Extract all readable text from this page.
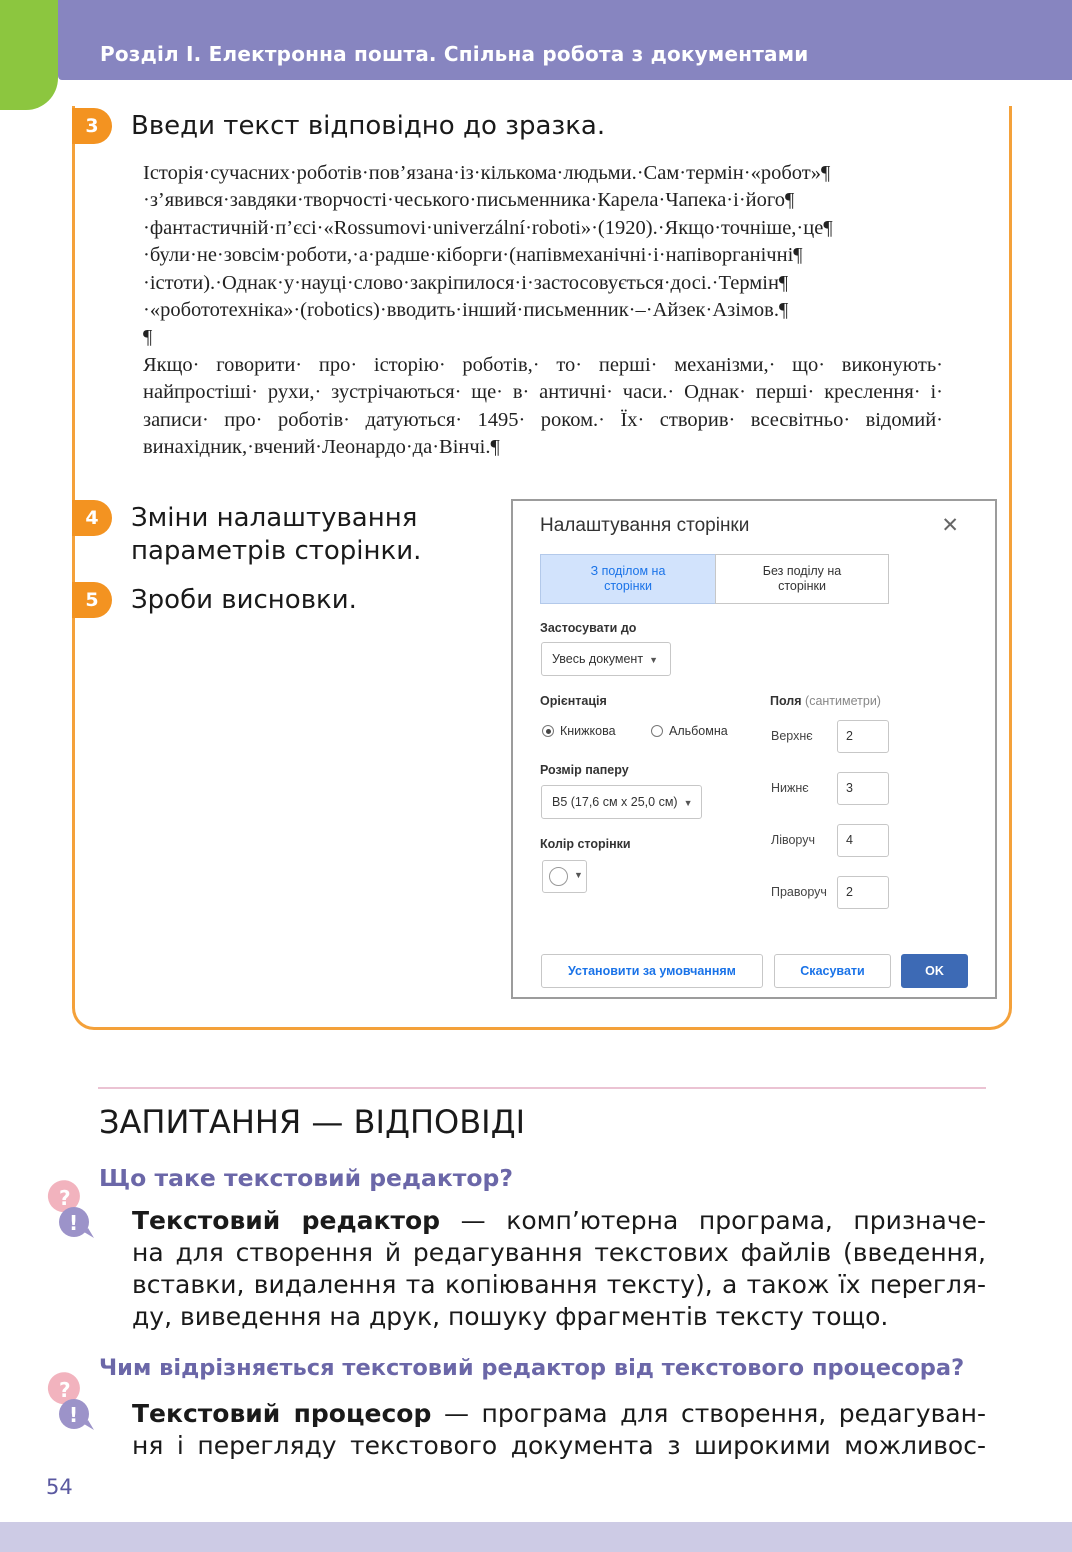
Розділ І. Електронна пошта. Спільна робота з документами
3	Введи текст відповідно до зразка.
Історія·сучасних·роботів·пов’язана·із·кількома·людьми.·Сам·термін·«робот»¶
·з’явився·завдяки·творчості·чеського·письменника·Карела·Чапека·і·його¶
·фантастичній·п’єсі·«Rossumovi·univerzální·roboti»·(1920).·Якщо·точніше,·це¶
·були·не·зовсім·роботи,·а·радше·кіборги·(напівмеханічні·і·напіворганічні¶
·істоти).·Однак·у·науці·слово·закріпилося·і·застосовується·досі.·Термін¶
·«робототехніка»·(robotics)·вводить·інший·письменник·–·Айзек·Азімов.¶
¶
Якщо· говорити· про· історію· роботів,· то· перші· механізми,· що· виконують·
найпростіші· рухи,· зустрічаються· ще· в· античні· часи.· Однак· перші· креслення· і·
записи· про· роботів· датуються· 1495· роком.· Їх· створив· всесвітньо· відомий·
винахідник,·вчений·Леонардо·да·Вінчі.¶
4	Зміни налаштування
параметрів сторінки.
5	Зроби висновки.
Налаштування сторінки	✕
З поділом на
сторінки
Без поділу на
сторінки
Застосувати до
Увесь документ ▼
Орієнтація
Книжкова	Альбомна
Розмір паперу
B5 (17,6 см x 25,0 см) ▼
Колір сторінки
▼
Поля (сантиметри)
Верхнє	2
Нижнє	3
Ліворуч	4
Праворуч	2
Установити за умовчанням	Скасувати	OK
ЗАПИТАННЯ — ВІДПОВІДІ
?
!
Що таке текстовий редактор?
Текстовий редактор — комп’ютерна програма, призначе-
на для створення й редагування текстових файлів (введення,
вставки, видалення та копіювання тексту), а також їх перегля-
ду, виведення на друк, пошуку фрагментів тексту тощо.
?
!
Чим відрізняється текстовий редактор від текстового процесора?
Текстовий процесор — програма для створення, редагуван-
ня і перегляду текстового документа з широкими можливос-
54
